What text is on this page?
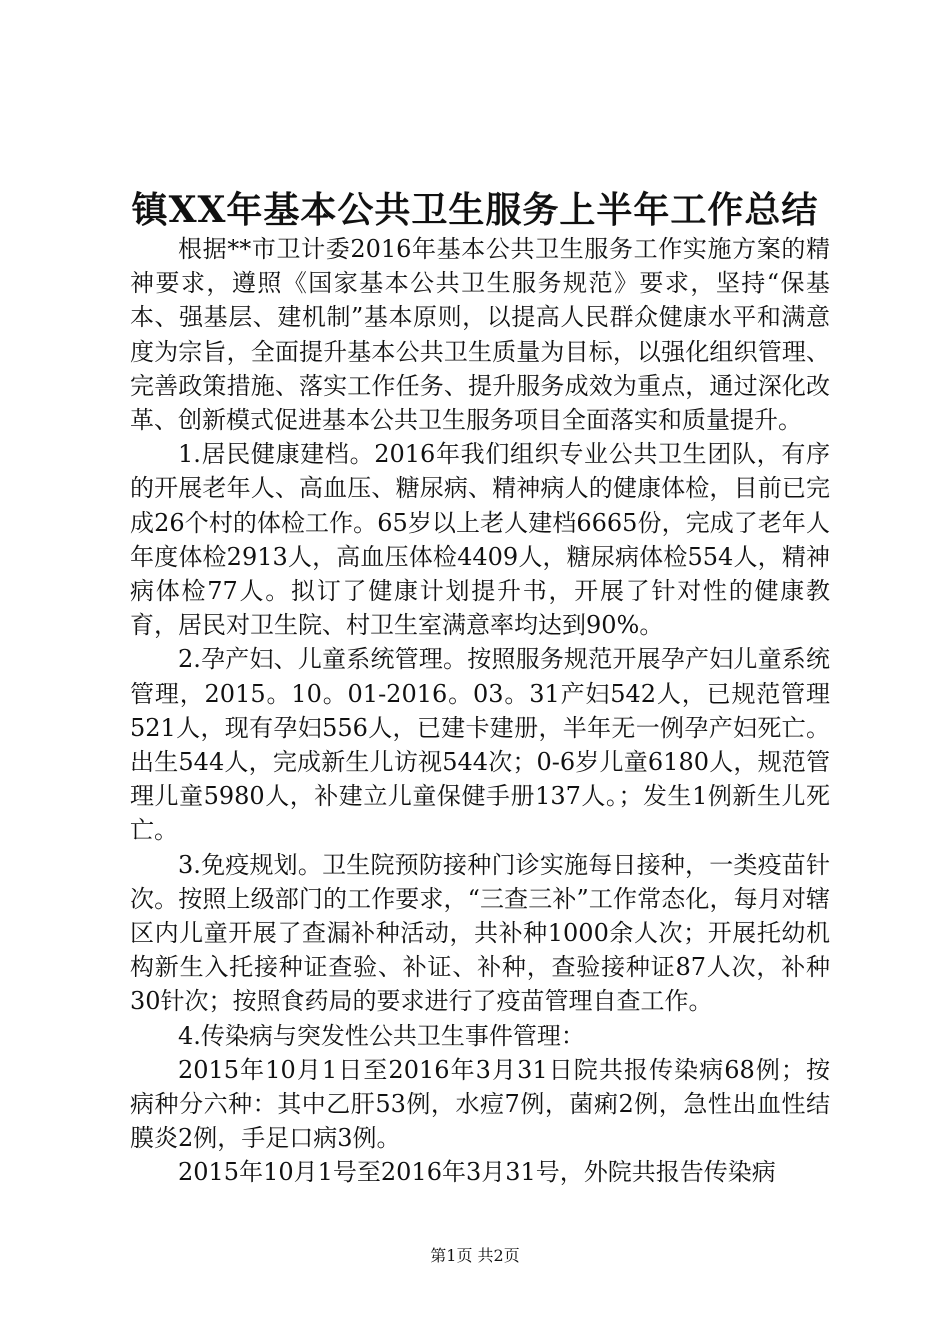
镇XX年基本公共卫生服务上半年工作总结

根据**市卫计委2016年基本公共卫生服务工作实施方案的精神要求，遵照《国家基本公共卫生服务规范》要求，坚持“保基本、强基层、建机制”基本原则，以提高人民群众健康水平和满意度为宗旨，全面提升基本公共卫生质量为目标，以强化组织管理、完善政策措施、落实工作任务、提升服务成效为重点，通过深化改革、创新模式促进基本公共卫生服务项目全面落实和质量提升。

1.居民健康建档。2016年我们组织专业公共卫生团队，有序的开展老年人、高血压、糖尿病、精神病人的健康体检，目前已完成26个村的体检工作。65岁以上老人建档6665份，完成了老年人年度体检2913人，高血压体检4409人，糖尿病体检554人，精神病体检77人。拟订了健康计划提升书，开展了针对性的健康教育，居民对卫生院、村卫生室满意率均达到90%。

2.孕产妇、儿童系统管理。按照服务规范开展孕产妇儿童系统管理，2015。10。01-2016。03。31产妇542人，已规范管理521人，现有孕妇556人，已建卡建册，半年无一例孕产妇死亡。出生544人，完成新生儿访视544次；0-6岁儿童6180人，规范管理儿童5980人，补建立儿童保健手册137人。；发生1例新生儿死亡。

3.免疫规划。卫生院预防接种门诊实施每日接种，一类疫苗针次。按照上级部门的工作要求，“三查三补”工作常态化，每月对辖区内儿童开展了查漏补种活动，共补种1000余人次；开展托幼机构新生入托接种证查验、补证、补种，查验接种证87人次，补种30针次；按照食药局的要求进行了疫苗管理自查工作。

4.传染病与突发性公共卫生事件管理：

2015年10月1日至2016年3月31日院共报传染病68例；按病种分六种：其中乙肝53例，水痘7例，菌痢2例，急性出血性结膜炎2例，手足口病3例。

2015年10月1号至2016年3月31号，外院共报告传染病

第1页 共2页
